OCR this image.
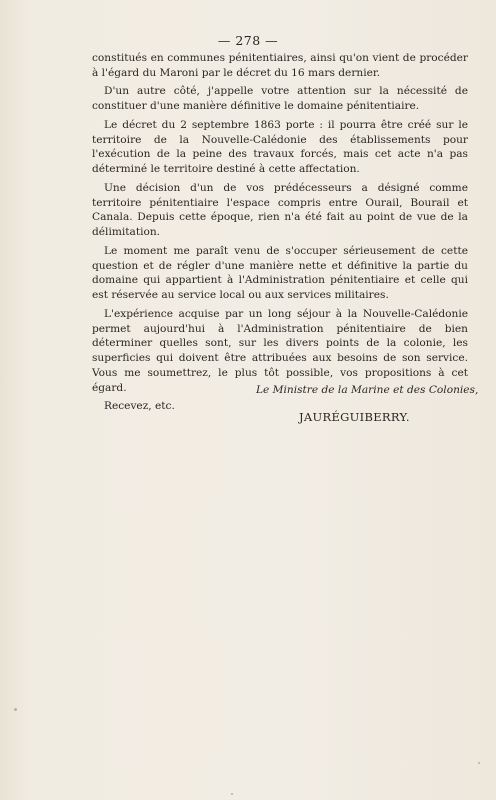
— 278 —

constitués en communes pénitentiaires, ainsi qu'on vient de procéder à l'égard du Maroni par le décret du 16 mars dernier.

D'un autre côté, j'appelle votre attention sur la nécessité de constituer d'une manière définitive le domaine pénitentiaire.

Le décret du 2 septembre 1863 porte : il pourra être créé sur le territoire de la Nouvelle-Calédonie des établissements pour l'exécution de la peine des travaux forcés, mais cet acte n'a pas déterminé le territoire destiné à cette affectation.

Une décision d'un de vos prédécesseurs a désigné comme territoire pénitentiaire l'espace compris entre Ourail, Bourail et Canala. Depuis cette époque, rien n'a été fait au point de vue de la délimitation.

Le moment me paraît venu de s'occuper sérieusement de cette question et de régler d'une manière nette et définitive la partie du domaine qui appartient à l'Administration pénitentiaire et celle qui est réservée au service local ou aux services militaires.

L'expérience acquise par un long séjour à la Nouvelle-Calédonie permet aujourd'hui à l'Administration pénitentiaire de bien déterminer quelles sont, sur les divers points de la colonie, les superficies qui doivent être attribuées aux besoins de son service. Vous me soumettrez, le plus tôt possible, vos propositions à cet égard.

Recevez, etc.

Le Ministre de la Marine et des Colonies,
JAURÉGUIBERRY.
